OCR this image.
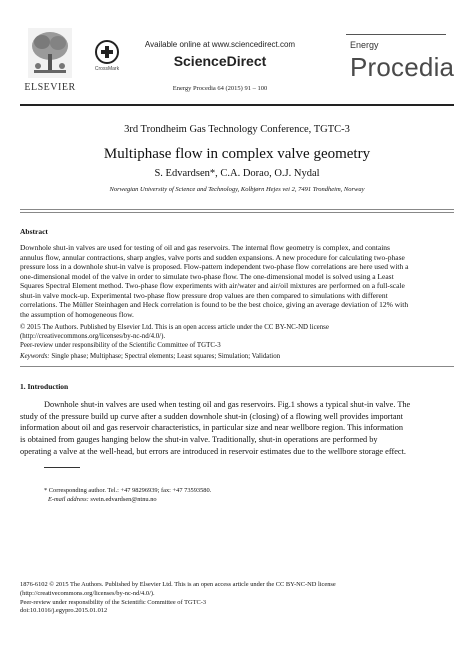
ELSEVIER
CrossMark
Available online at www.sciencedirect.com
ScienceDirect
Energy Procedia 64 (2015) 91 – 100
Energy
Procedia
3rd Trondheim Gas Technology Conference, TGTC-3
Multiphase flow in complex valve geometry
S. Edvardsen*, C.A. Dorao, O.J. Nydal
Norwegian University of Science and Technology, Kolbjørn Hejes vei 2, 7491 Trondheim, Norway
Abstract
Downhole shut-in valves are used for testing of oil and gas reservoirs. The internal flow geometry is complex, and contains
annulus flow, annular contractions, sharp angles, valve ports and sudden expansions. A new procedure for calculating two-phase
pressure loss in a downhole shut-in valve is proposed. Flow-pattern independent two-phase flow correlations are here used with a
one-dimensional model of the valve in order to simulate two-phase flow. The one-dimensional model is solved using a Least
Squares Spectral Element method. Two-phase flow experiments with air/water and air/oil mixtures are performed on a full-scale
shut-in valve mock-up. Experimental two-phase flow pressure drop values are then compared to simulations with different
correlations. The Müller Steinhagen and Heck correlation is found to be the best choice, giving an average deviation of 12% with
the assumption of homogeneous flow.
© 2015 The Authors. Published by Elsevier Ltd. This is an open access article under the CC BY-NC-ND license
(http://creativecommons.org/licenses/by-nc-nd/4.0/).
Peer-review under responsibility of the Scientific Committee of TGTC-3
Keywords: Single phase; Multiphase; Spectral elements; Least squares; Simulation; Validation
1. Introduction
Downhole shut-in valves are used when testing oil and gas reservoirs. Fig.1 shows a typical shut-in valve. The
study of the pressure build up curve after a sudden downhole shut-in (closing) of a flowing well provides important
information about oil and gas reservoir characteristics, in particular size and near wellbore region. This information
is obtained from gauges hanging below the shut-in valve. Traditionally, shut-in operations are performed by
operating a valve at the well-head, but errors are introduced in reservoir estimates due to the wellbore storage effect.
* Corresponding author. Tel.: +47 98296939; fax: +47 73593580.
E-mail address: svein.edvardsen@ntnu.no
1876-6102 © 2015 The Authors. Published by Elsevier Ltd. This is an open access article under the CC BY-NC-ND license
(http://creativecommons.org/licenses/by-nc-nd/4.0/).
Peer-review under responsibility of the Scientific Committee of TGTC-3
doi:10.1016/j.egypro.2015.01.012
